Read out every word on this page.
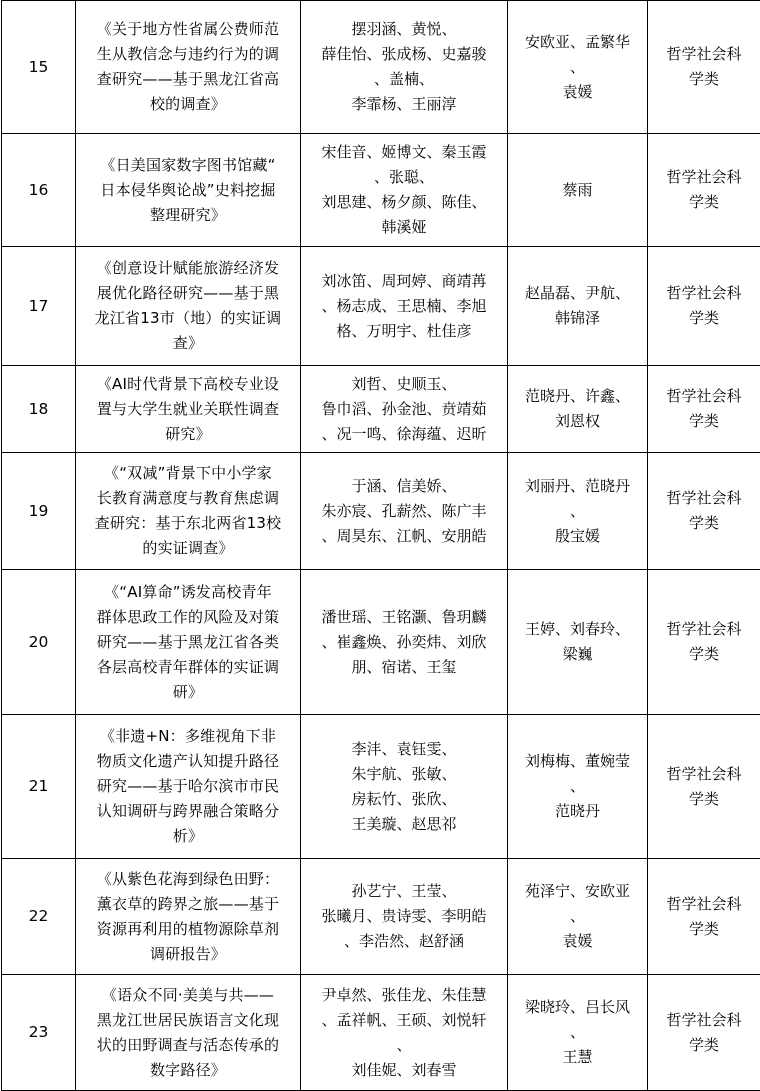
15	《关于地方性省属公费师范
生从教信念与违约行为的调
查研究——基于黑龙江省高
校的调查》	摆羽涵、黄悦、
薛佳怡、张成杨、史嘉骏
、盖楠、
李霏杨、王丽淳	安欧亚、孟繁华
、
袁媛	哲学社会科
学类

16	《日美国家数字图书馆藏“
日本侵华舆论战”史料挖掘
整理研究》	宋佳音、姬博文、秦玉霞
、张聪、
刘思建、杨夕颜、陈佳、
韩溪娅	蔡雨	哲学社会科
学类

17	《创意设计赋能旅游经济发
展优化路径研究——基于黑
龙江省13市（地）的实证调
查》	刘冰笛、周珂婷、商靖苒
、杨志成、王思楠、李旭
格、万明宇、杜佳彦	赵晶磊、尹航、
韩锦泽	哲学社会科
学类

18	《AI时代背景下高校专业设
置与大学生就业关联性调查
研究》	刘哲、史顺玉、
鲁巾滔、孙金池、贲靖茹
、况一鸣、徐海蕴、迟昕	范晓丹、许鑫、
刘恩权	哲学社会科
学类

19	《“双减”背景下中小学家
长教育满意度与教育焦虑调
查研究：基于东北两省13校
的实证调查》	于涵、信美娇、
朱亦宸、孔薪然、陈广丰
、周昊东、江帆、安朋皓	刘丽丹、范晓丹
、
殷宝媛	哲学社会科
学类

20	《“AI算命”诱发高校青年
群体思政工作的风险及对策
研究——基于黑龙江省各类
各层高校青年群体的实证调
研》	潘世瑶、王铭灏、鲁玥麟
、崔鑫焕、孙奕炜、刘欣
朋、宿诺、王玺	王婷、刘春玲、
梁巍	哲学社会科
学类

21	《非遗+N：多维视角下非
物质文化遗产认知提升路径
研究——基于哈尔滨市市民
认知调研与跨界融合策略分
析》	李沣、袁钰雯、
朱宇航、张敏、
房耘竹、张欣、
王美璇、赵思祁	刘梅梅、董婉莹
、
范晓丹	哲学社会科
学类

22	《从紫色花海到绿色田野：
薰衣草的跨界之旅——基于
资源再利用的植物源除草剂
调研报告》	孙艺宁、王莹、
张曦月、贵诗雯、李明皓
、李浩然、赵舒涵	苑泽宁、安欧亚
、
袁媛	哲学社会科
学类

23	《语众不同·美美与共——
黑龙江世居民族语言文化现
状的田野调查与活态传承的
数字路径》	尹卓然、张佳龙、朱佳慧
、孟祥帆、王硕、刘悦轩
、
刘佳妮、刘春雪	梁晓玲、吕长风
、
王慧	哲学社会科
学类
